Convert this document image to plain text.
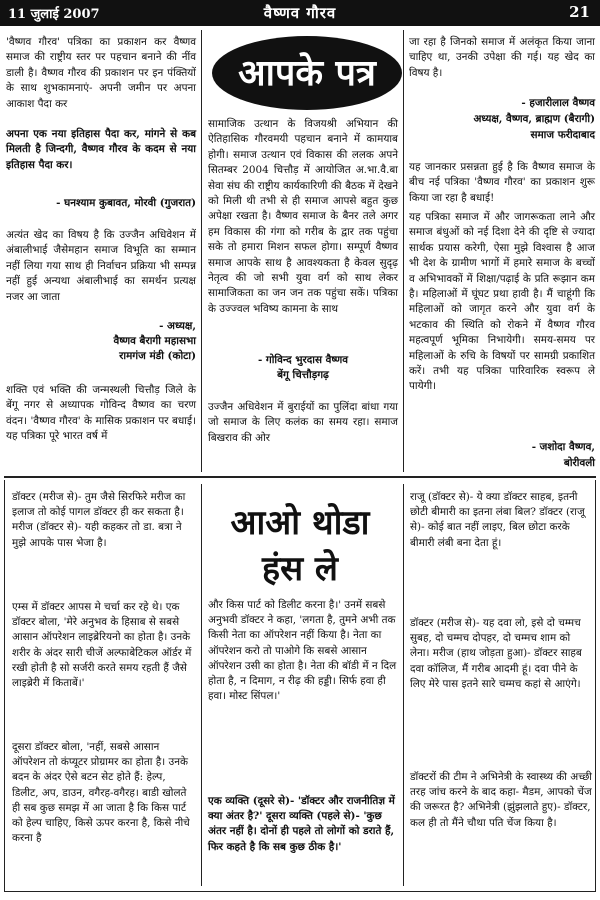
11 जुलाई 2007	वैष्णव गौरव	21

'वैष्णव गौरव' पत्रिका का प्रकाशन कर वैष्णव समाज की राष्ट्रीय स्तर पर पहचान बनाने की नींव डाली है। वैष्णव गौरव की प्रकाशन पर इन पंक्तियों के साथ शुभकामनाएं- अपनी जमीन पर अपना आकाश पैदा कर

अपना एक नया इतिहास पैदा कर, मांगने से कब मिलती है जिन्दगी, वैष्णव गौरव के कदम से नया इतिहास पैदा कर।

- घनश्याम कुबावत, मोरवी (गुजरात)

अत्यंत खेद का विषय है कि उज्जैन अधिवेशन में अंबालीभाई जैसेमहान समाज विभूति का सम्मान नहीं लिया गया साथ ही निर्वाचन प्रक्रिया भी सम्पन्न नहीं हुई अन्यथा अंबालीभाई का समर्थन प्रत्यक्ष नजर आ जाता

- अध्यक्ष,

वैष्णव बैरागी महासभा

रामगंज मंडी (कोटा)

शक्ति एवं भक्ति की जन्मस्थली चित्तौड़ जिले के बेंगू नगर से अध्यापक गोविन्द वैष्णव का चरण वंदन। 'वैष्णव गौरव' के मासिक प्रकाशन पर बधाई। यह पत्रिका पूरे भारत वर्ष में

आपके पत्र

सामाजिक उत्थान के विजयश्री अभियान की ऐतिहासिक गौरवमयी पहचान बनाने में कामयाब होगी। समाज उत्थान एवं विकास की ललक अपने सितम्बर 2004 चित्तौड़ में आयोजित अ.भा.वै.बा सेवा संघ की राष्ट्रीय कार्यकारिणी की बैठक में देखने को मिली थी तभी से ही समाज आपसे बहुत कुछ अपेक्षा रखता है। वैष्णव समाज के बैनर तले अगर हम विकास की गंगा को गरीब के द्वार तक पहुंचा सके तो हमारा मिशन सफल होगा। सम्पूर्ण वैष्णव समाज आपके साथ है आवश्यकता है केवल सुदृढ़ नेतृत्व की जो सभी युवा वर्ग को साथ लेकर सामाजिकता का जन जन तक पहुंचा सकें। पत्रिका के उज्ज्वल भविष्य कामना के साथ

- गोविन्द भुरदास वैष्णव

बेंगू चित्तौड़गढ़

उज्जैन अधिवेशन में बुराईयों का पुलिंदा बांधा गया जो समाज के लिए कलंक का समय रहा। समाज बिखराव की ओर

जा रहा है जिनको समाज में अलंकृत किया जाना चाहिए था, उनकी उपेक्षा की गई। यह खेद का विषय है।

- हजारीलाल वैष्णव

अध्यक्ष, वैष्णव, ब्राह्मण (बैरागी)

समाज फरीदाबाद

यह जानकार प्रसन्नता हुई है कि वैष्णव समाज के बीच नई पत्रिका 'वैष्णव गौरव' का प्रकाशन शुरू किया जा रहा है बधाई!

यह पत्रिका समाज में और जागरूकता लाने और समाज बंधुओं को नई दिशा देने की दृष्टि से ज्यादा सार्थक प्रयास करेगी, ऐसा मुझे विश्वास है आज भी देश के ग्रामीण भागों में हमारे समाज के बच्चों व अभिभावकों में शिक्षा/पढ़ाई के प्रति रूझान कम है। महिलाओं में घूंघट प्रथा हावी है। मैं चाहूंगी कि महिलाओं को जागृत करने और युवा वर्ग के भटकाव की स्थिति को रोकने में वैष्णव गौरव महत्वपूर्ण भूमिका निभायेगी। समय-समय पर महिलाओं के रुचि के विषयों पर सामग्री प्रकाशित करें। तभी यह पत्रिका पारिवारिक स्वरूप ले पायेगी।

- जशोदा वैष्णव,

बोरीवली

आओ थोडा
हंस ले

डॉक्टर (मरीज से)- तुम जैसे सिरफिरे मरीज का इलाज तो कोई पागल डॉक्टर ही कर सकता है। मरीज (डॉक्टर से)- यही कहकर तो डा. बत्रा ने मुझे आपके पास भेजा है।

एम्स में डॉक्टर आपस मे चर्चा कर रहे थे। एक डॉक्टर बोला, 'मेरे अनुभव के हिसाब से सबसे आसान ऑपरेशन लाइब्रेरियनो का होता है। उनके शरीर के अंदर सारी चीजें अल्फाबेटिकल ऑर्डर में रखी होती है सो सर्जरी करते समय रहती हैं जैसे लाइब्रेरी में किताबें।'

दूसरा डॉक्टर बोला, 'नहीं, सबसे आसान ऑपरेशन तो कंप्यूटर प्रोग्रामर का होता है। उनके बदन के अंदर ऐसे बटन सेट होते हैं: हेल्प, डिलीट, अप, डाउन, वगैरह-वगैरह। बाडी खोलते ही सब कुछ समझ में आ जाता है कि किस पार्ट को हेल्प चाहिए, किसे ऊपर करना है, किसे नीचे करना है

और किस पार्ट को डिलीट करना है।' उनमें सबसे अनुभवी डॉक्टर ने कहा, 'लगता है, तुमने अभी तक किसी नेता का ऑपरेशन नहीं किया है। नेता का ऑपरेशन करो तो पाओगे कि सबसे आसान ऑपरेशन उसी का होता है। नेता की बॉडी में न दिल होता है, न दिमाग, न रीढ़ की हड्डी। सिर्फ हवा ही हवा। मोस्ट सिंपल।'

एक व्यक्ति (दूसरे से)- 'डॉक्टर और राजनीतिज्ञ में क्या अंतर है?' दूसरा व्यक्ति (पहले से)- 'कुछ अंतर नहीं है। दोनों ही पहले तो लोगों को डराते हैं, फिर कहते है कि सब कुछ ठीक है।'

राजू (डॉक्टर से)- ये क्या डॉक्टर साहब, इतनी छोटी बीमारी का इतना लंबा बिल? डॉक्टर (राजू से)- कोई बात नहीं लाइए, बिल छोटा करके बीमारी लंबी बना देता हूं।

डॉक्टर (मरीज से)- यह दवा लो, इसे दो चम्मच सुबह, दो चम्मच दोपहर, दो चम्मच शाम को लेना। मरीज (हाथ जोड़ता हुआ)- डॉक्टर साहब दवा कॉलिज, मैं गरीब आदमी हूं। दवा पीने के लिए मेरे पास इतने सारे चम्मच कहां से आएंगे।

डॉक्टरों की टीम ने अभिनेत्री के स्वास्थ्य की अच्छी तरह जांच करने के बाद कहा- मैडम, आपको चेंज की जरूरत है? अभिनेत्री (झुंझलाते हुए)- डॉक्टर, कल ही तो मैंने चौथा पति चेंज किया है।
